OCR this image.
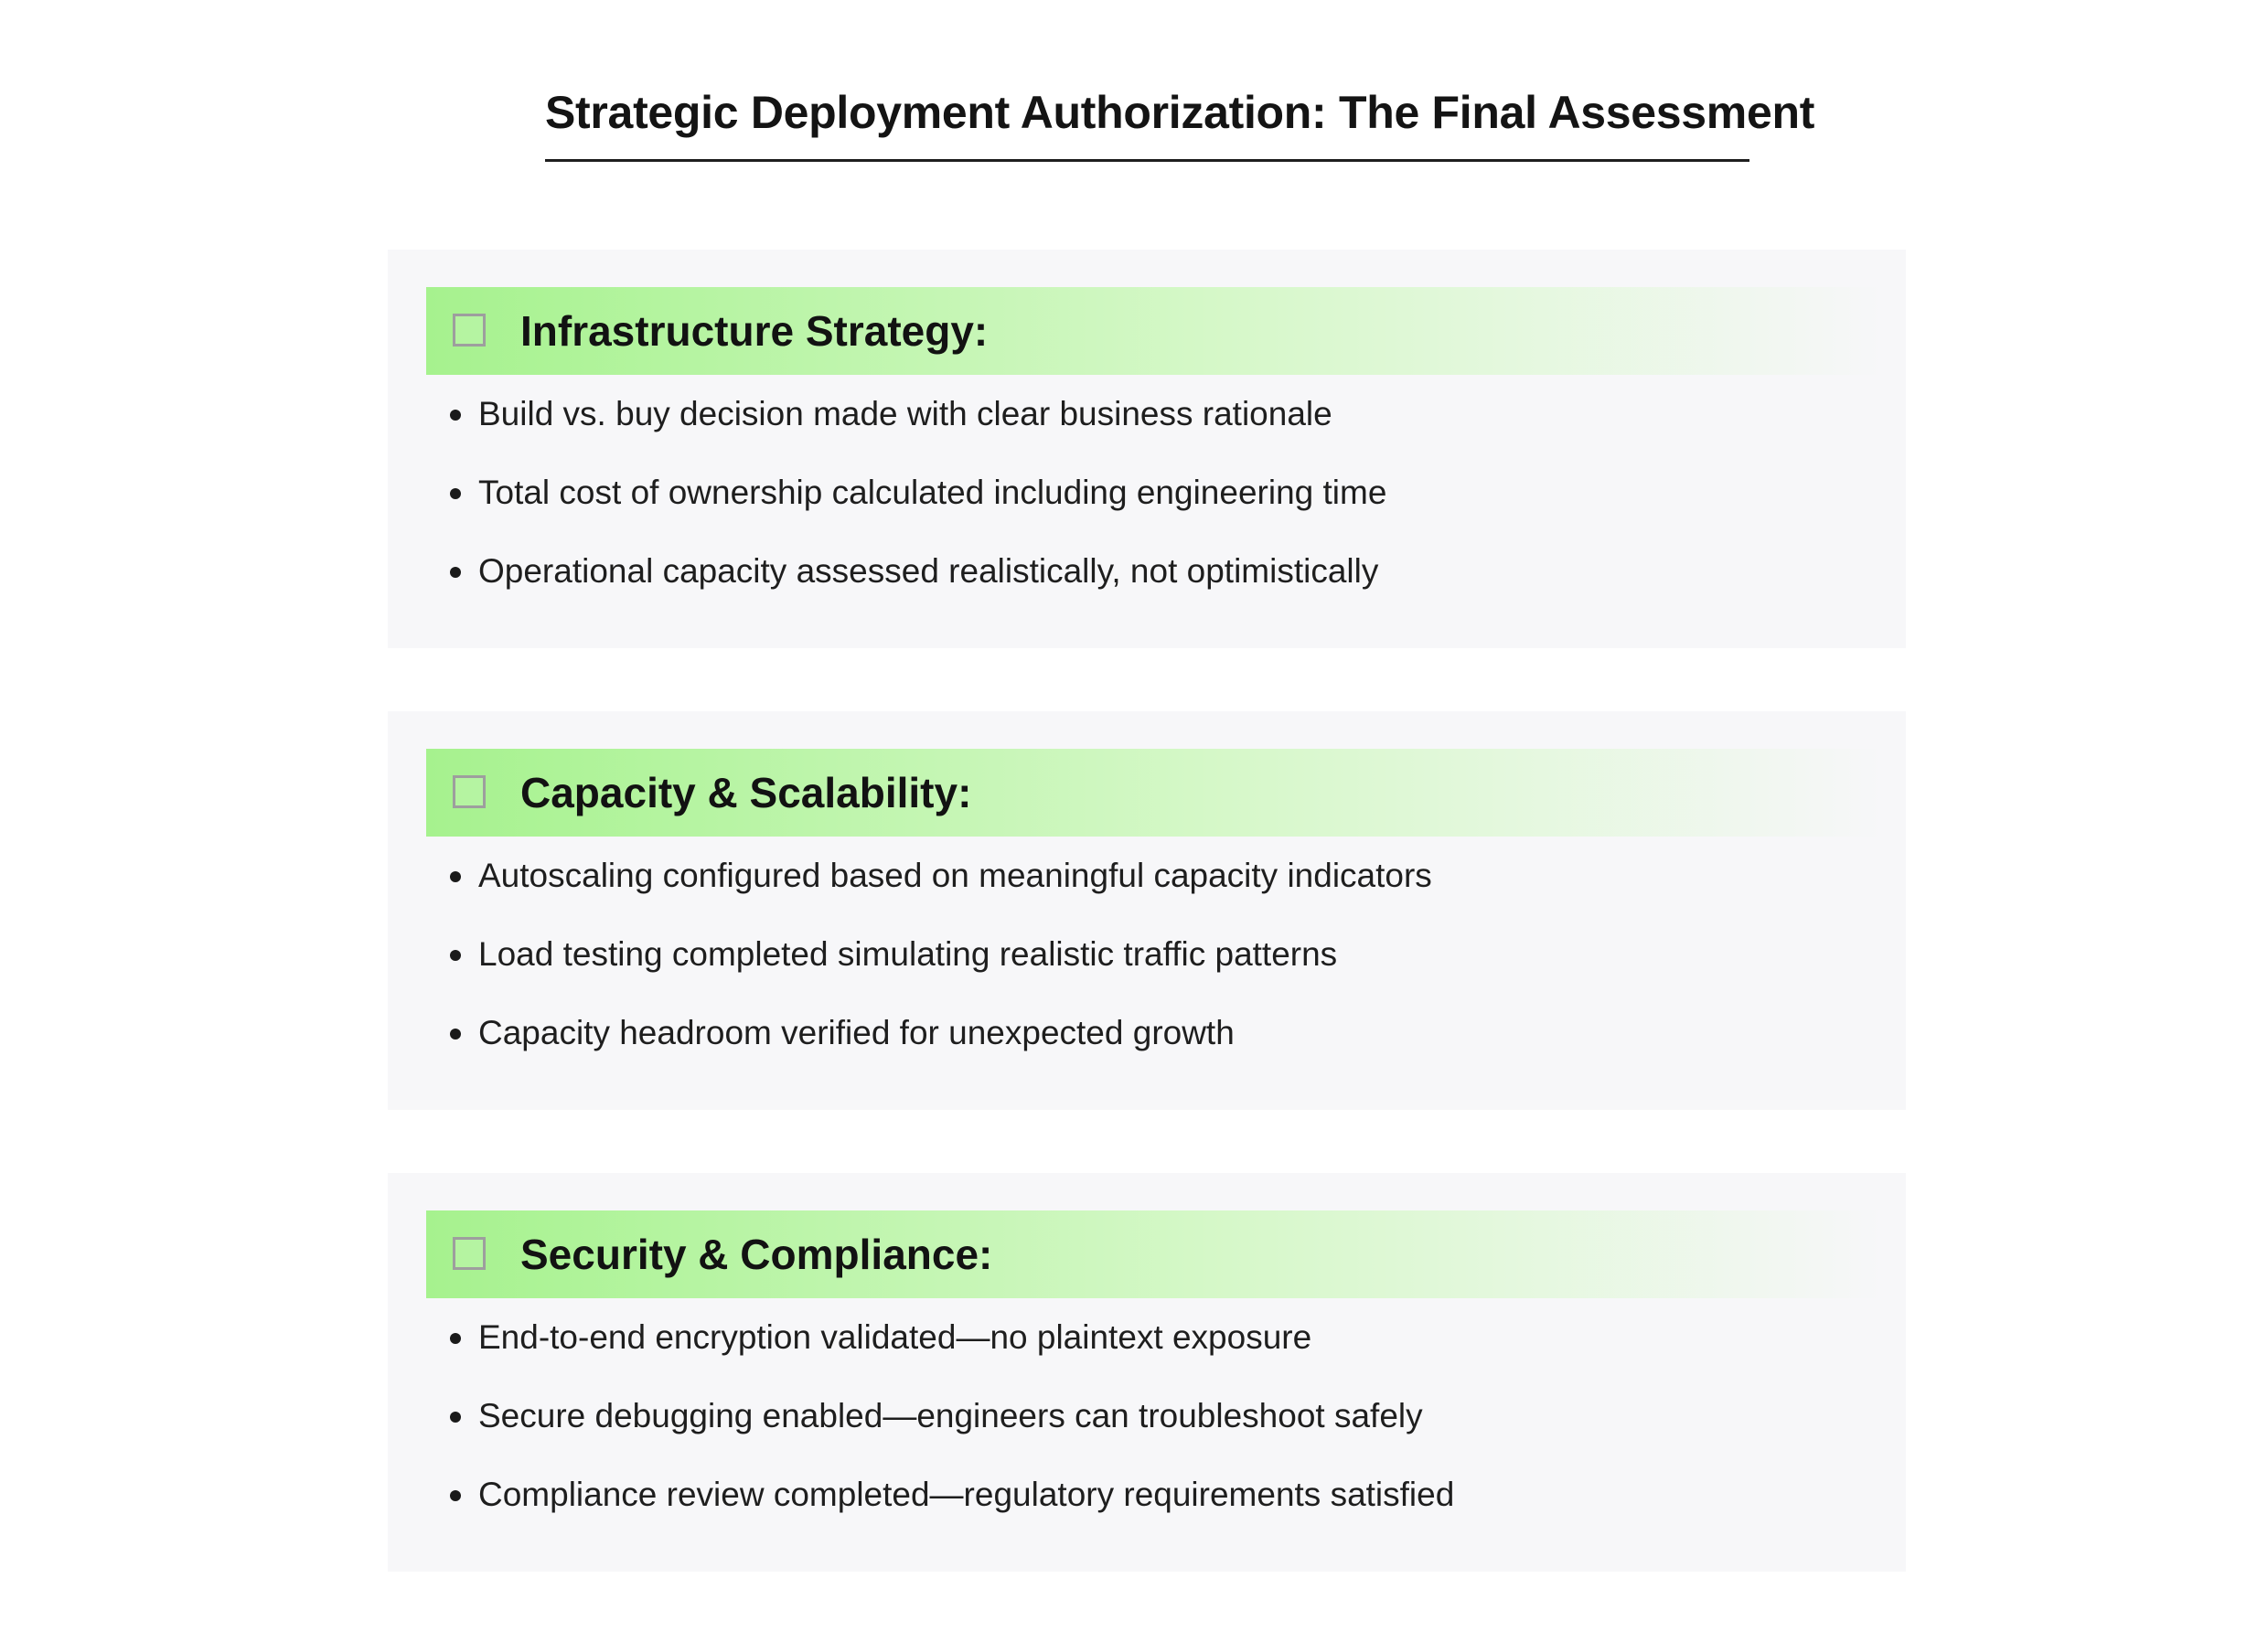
Strategic Deployment Authorization: The Final Assessment
Infrastructure Strategy:
Build vs. buy decision made with clear business rationale
Total cost of ownership calculated including engineering time
Operational capacity assessed realistically, not optimistically
Capacity & Scalability:
Autoscaling configured based on meaningful capacity indicators
Load testing completed simulating realistic traffic patterns
Capacity headroom verified for unexpected growth
Security & Compliance:
End-to-end encryption validated—no plaintext exposure
Secure debugging enabled—engineers can troubleshoot safely
Compliance review completed—regulatory requirements satisfied
